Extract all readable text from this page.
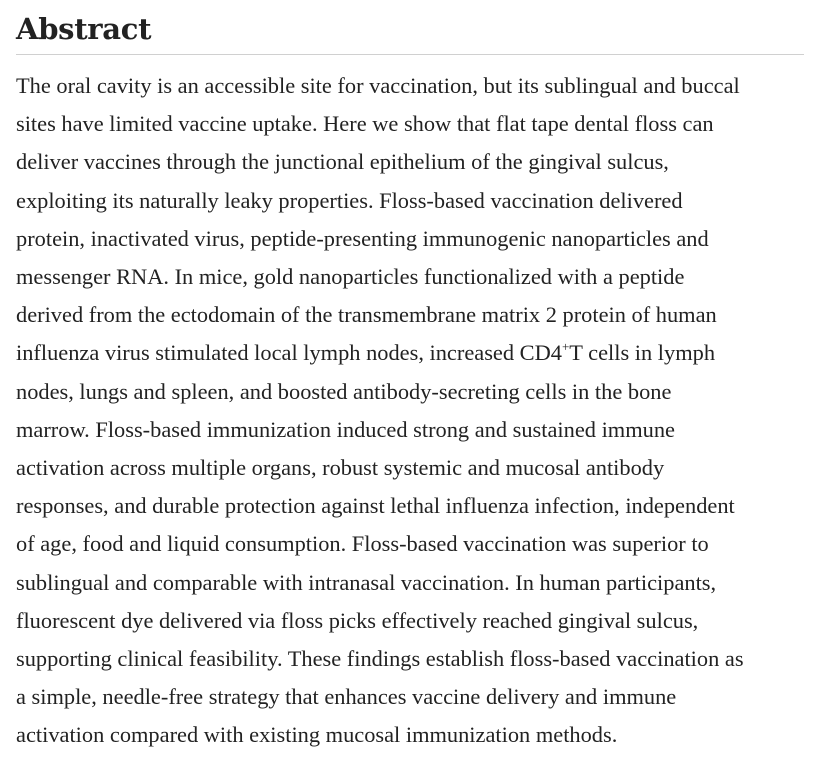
Abstract

The oral cavity is an accessible site for vaccination, but its sublingual and buccal
sites have limited vaccine uptake. Here we show that flat tape dental floss can
deliver vaccines through the junctional epithelium of the gingival sulcus,
exploiting its naturally leaky properties. Floss-based vaccination delivered
protein, inactivated virus, peptide-presenting immunogenic nanoparticles and
messenger RNA. In mice, gold nanoparticles functionalized with a peptide
derived from the ectodomain of the transmembrane matrix 2 protein of human
influenza virus stimulated local lymph nodes, increased CD4+T cells in lymph
nodes, lungs and spleen, and boosted antibody-secreting cells in the bone
marrow. Floss-based immunization induced strong and sustained immune
activation across multiple organs, robust systemic and mucosal antibody
responses, and durable protection against lethal influenza infection, independent
of age, food and liquid consumption. Floss-based vaccination was superior to
sublingual and comparable with intranasal vaccination. In human participants,
fluorescent dye delivered via floss picks effectively reached gingival sulcus,
supporting clinical feasibility. These findings establish floss-based vaccination as
a simple, needle-free strategy that enhances vaccine delivery and immune
activation compared with existing mucosal immunization methods.
